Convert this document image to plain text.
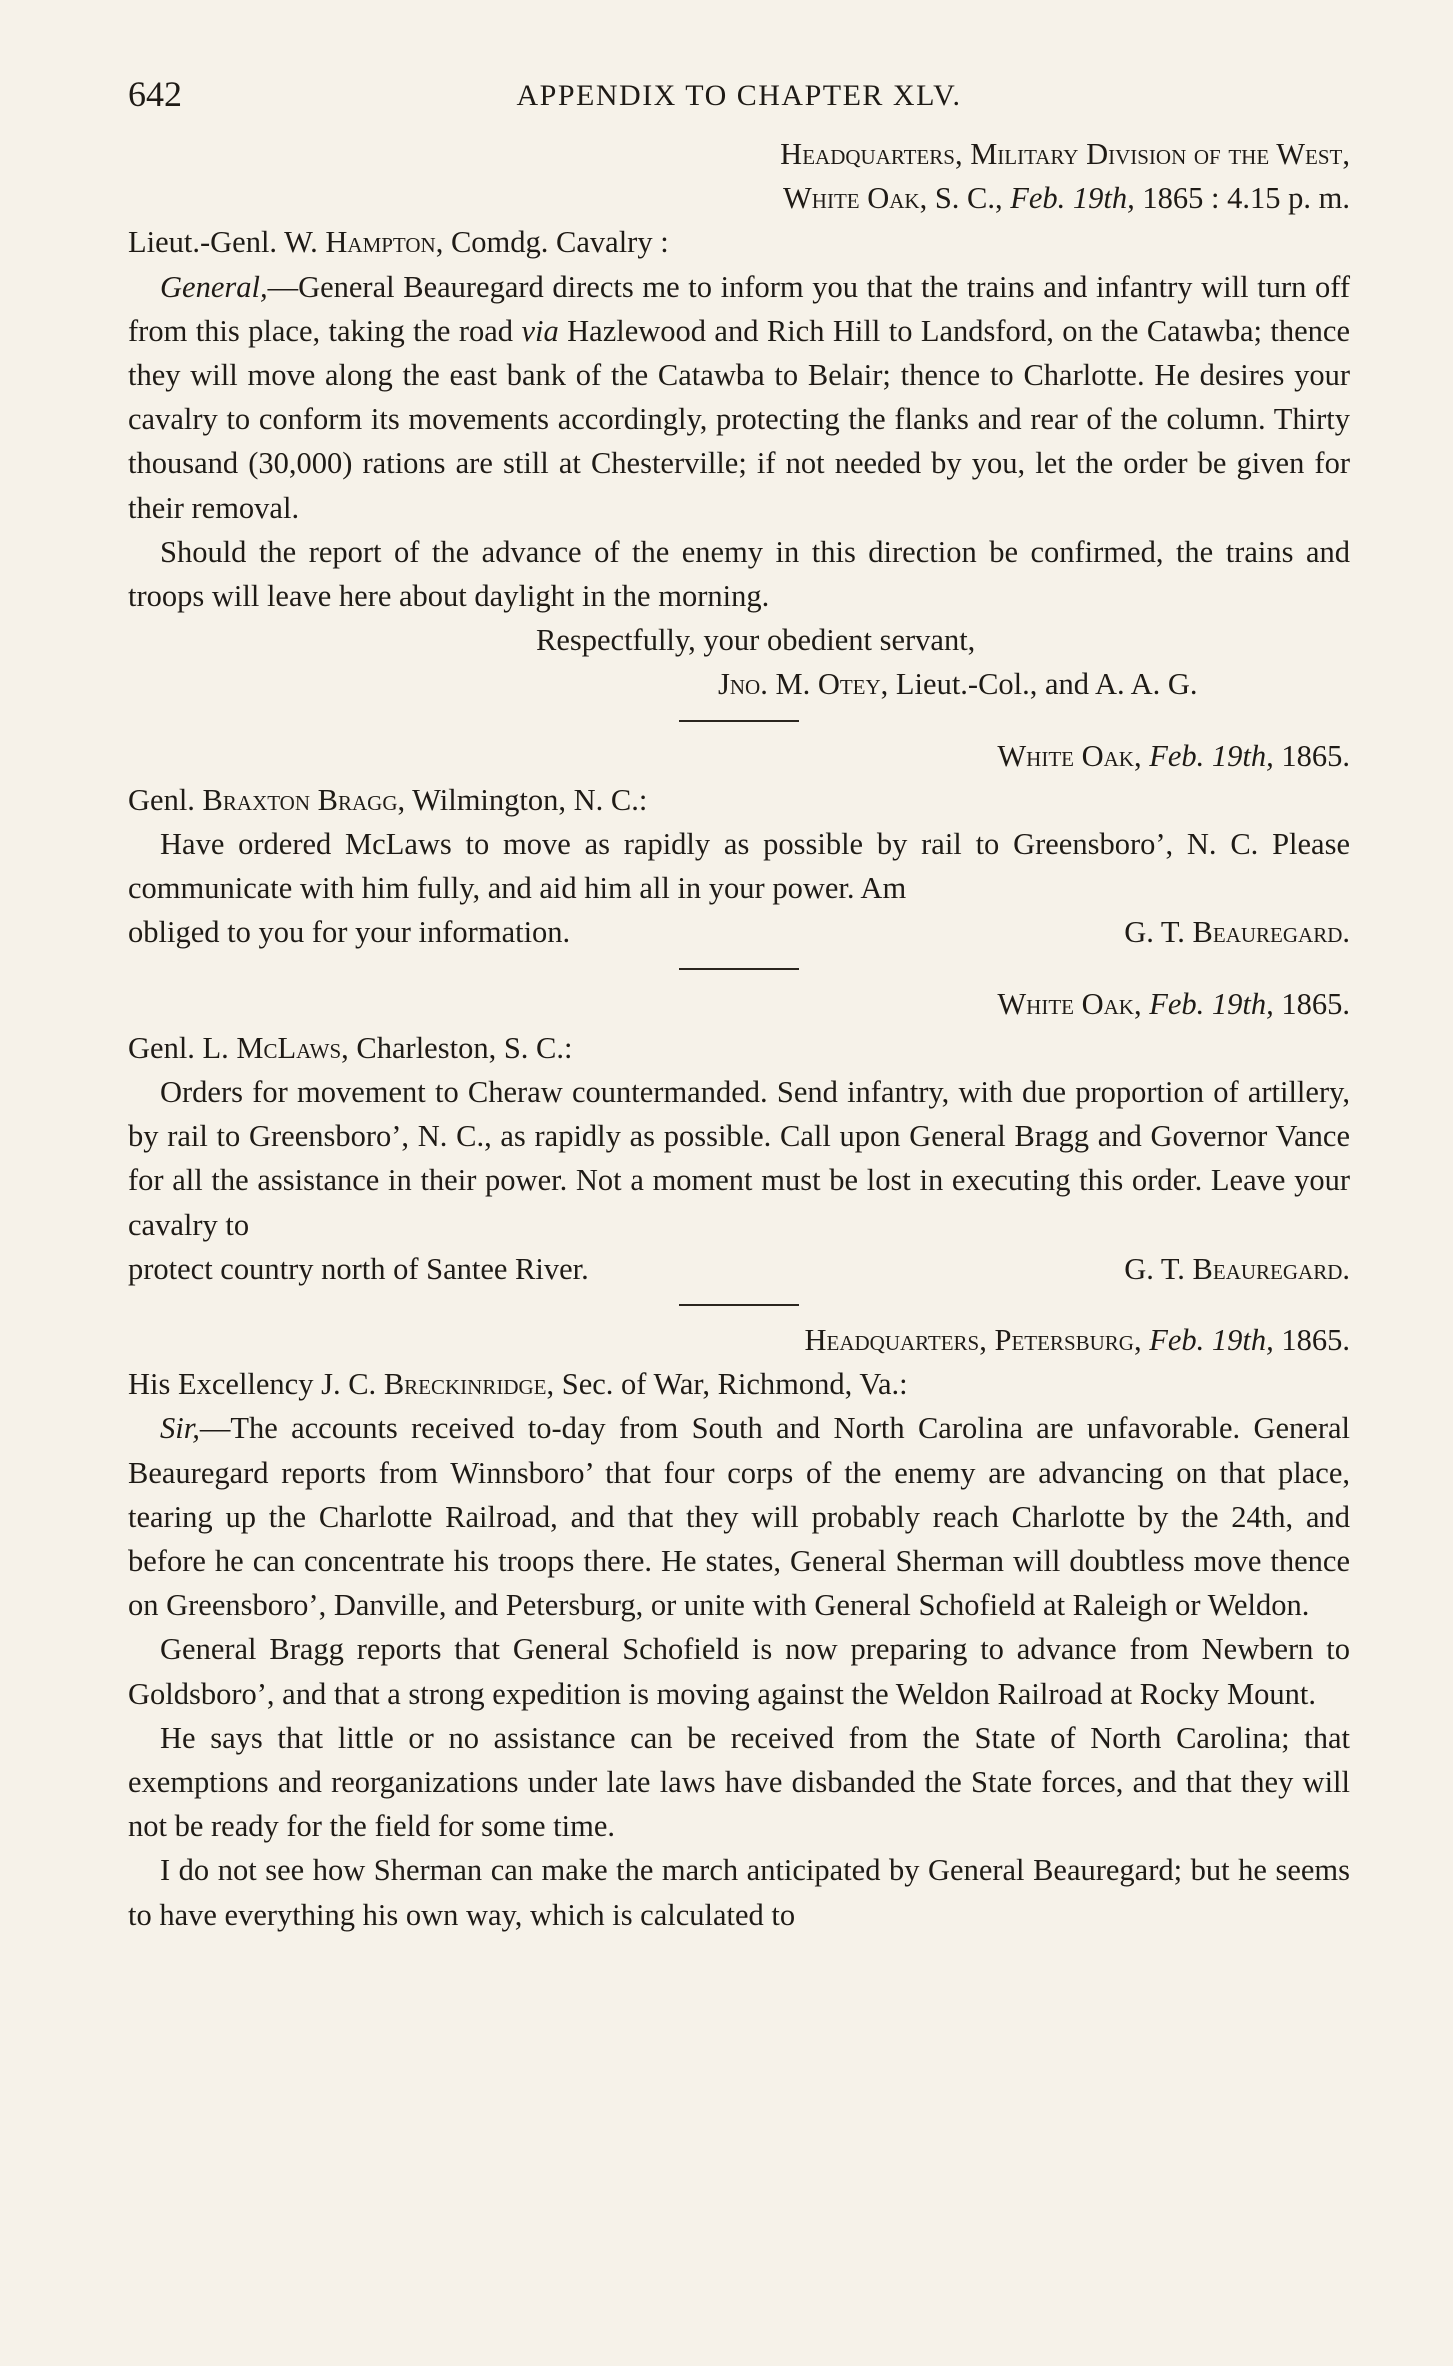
642	APPENDIX TO CHAPTER XLV.
Headquarters, Military Division of the West,
White Oak, S. C., Feb. 19th, 1865 : 4.15 p. m.
Lieut.-Genl. W. Hampton, Comdg. Cavalry :

General,—General Beauregard directs me to inform you that the trains and infantry will turn off from this place, taking the road via Hazlewood and Rich Hill to Landsford, on the Catawba; thence they will move along the east bank of the Catawba to Belair; thence to Charlotte. He desires your cavalry to conform its movements accordingly, protecting the flanks and rear of the column. Thirty thousand (30,000) rations are still at Chesterville; if not needed by you, let the order be given for their removal.

Should the report of the advance of the enemy in this direction be confirmed, the trains and troops will leave here about daylight in the morning.

Respectfully, your obedient servant,
Jno. M. Otey, Lieut.-Col., and A. A. G.
White Oak, Feb. 19th, 1865.
Genl. Braxton Bragg, Wilmington, N. C.:

Have ordered McLaws to move as rapidly as possible by rail to Greensboro’, N. C. Please communicate with him fully, and aid him all in your power. Am

obliged to you for your information.	G. T. Beauregard.
White Oak, Feb. 19th, 1865.
Genl. L. McLaws, Charleston, S. C.:

Orders for movement to Cheraw countermanded. Send infantry, with due proportion of artillery, by rail to Greensboro’, N. C., as rapidly as possible. Call upon General Bragg and Governor Vance for all the assistance in their power. Not a moment must be lost in executing this order. Leave your cavalry to

protect country north of Santee River.	G. T. Beauregard.
Headquarters, Petersburg, Feb. 19th, 1865.
His Excellency J. C. Breckinridge, Sec. of War, Richmond, Va.:

Sir,—The accounts received to-day from South and North Carolina are unfavorable. General Beauregard reports from Winnsboro’ that four corps of the enemy are advancing on that place, tearing up the Charlotte Railroad, and that they will probably reach Charlotte by the 24th, and before he can concentrate his troops there. He states, General Sherman will doubtless move thence on Greensboro’, Danville, and Petersburg, or unite with General Schofield at Raleigh or Weldon.

General Bragg reports that General Schofield is now preparing to advance from Newbern to Goldsboro’, and that a strong expedition is moving against the Weldon Railroad at Rocky Mount.

He says that little or no assistance can be received from the State of North Carolina; that exemptions and reorganizations under late laws have disbanded the State forces, and that they will not be ready for the field for some time.

I do not see how Sherman can make the march anticipated by General Beauregard; but he seems to have everything his own way, which is calculated to
